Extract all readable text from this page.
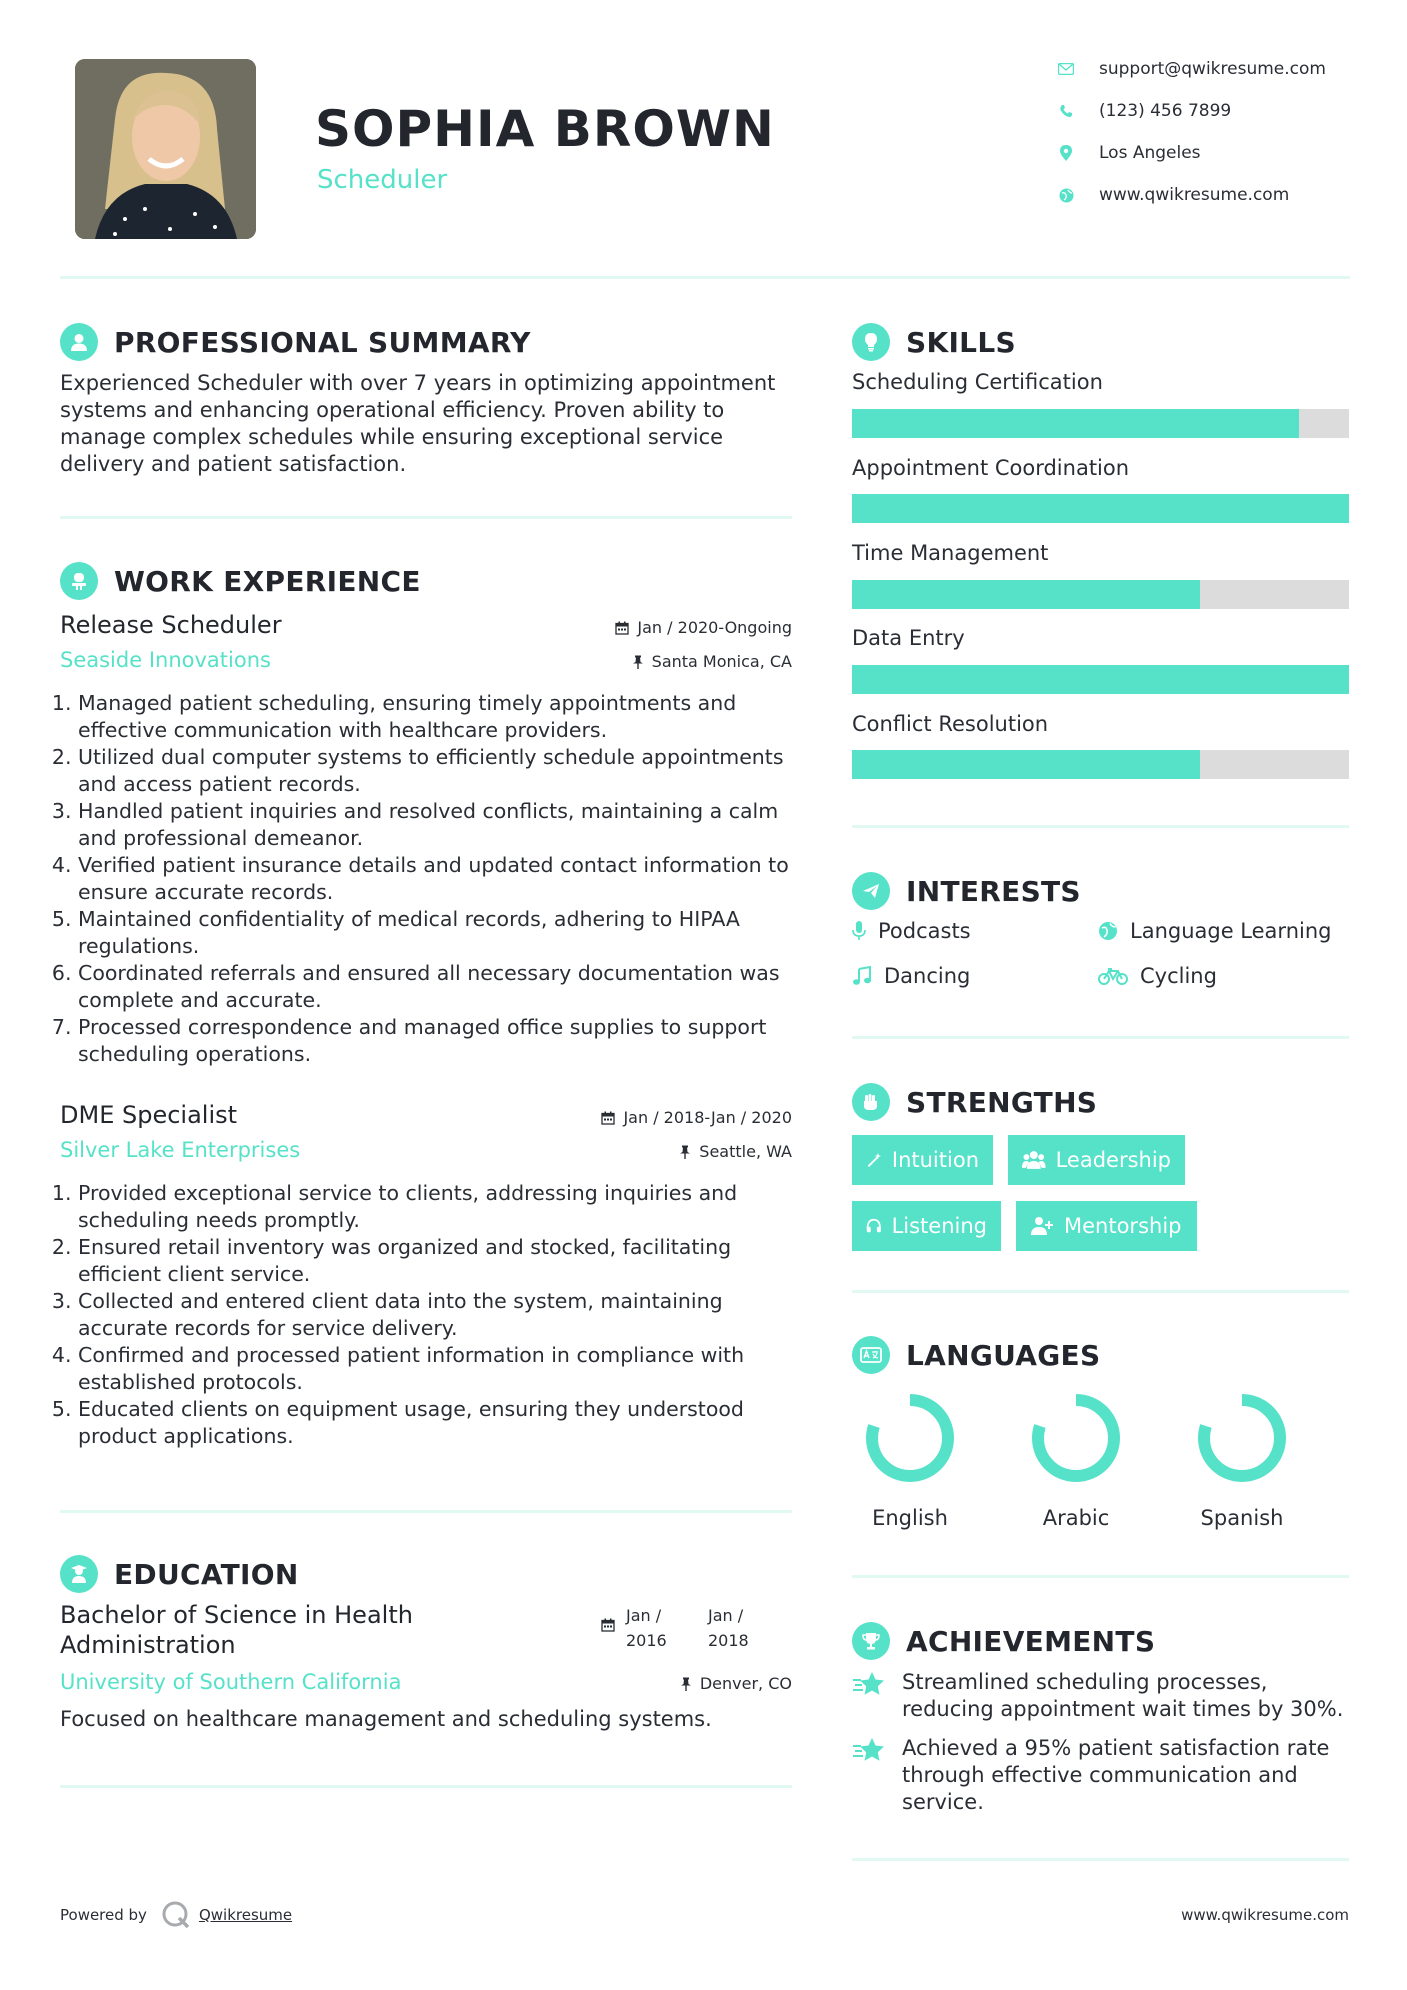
SOPHIA BROWN
Scheduler
support@qwikresume.com
(123) 456 7899
Los Angeles
www.qwikresume.com
PROFESSIONAL SUMMARY
Experienced Scheduler with over 7 years in optimizing appointment systems and enhancing operational efficiency. Proven ability to manage complex schedules while ensuring exceptional service delivery and patient satisfaction.
WORK EXPERIENCE
Release Scheduler	Jan / 2020-Ongoing
Seaside Innovations	Santa Monica, CA
1. Managed patient scheduling, ensuring timely appointments and effective communication with healthcare providers.
2. Utilized dual computer systems to efficiently schedule appointments and access patient records.
3. Handled patient inquiries and resolved conflicts, maintaining a calm and professional demeanor.
4. Verified patient insurance details and updated contact information to ensure accurate records.
5. Maintained confidentiality of medical records, adhering to HIPAA regulations.
6. Coordinated referrals and ensured all necessary documentation was complete and accurate.
7. Processed correspondence and managed office supplies to support scheduling operations.
DME Specialist	Jan / 2018-Jan / 2020
Silver Lake Enterprises	Seattle, WA
1. Provided exceptional service to clients, addressing inquiries and scheduling needs promptly.
2. Ensured retail inventory was organized and stocked, facilitating efficient client service.
3. Collected and entered client data into the system, maintaining accurate records for service delivery.
4. Confirmed and processed patient information in compliance with established protocols.
5. Educated clients on equipment usage, ensuring they understood product applications.
EDUCATION
Bachelor of Science in Health Administration
Jan / 2016
Jan / 2018
University of Southern California	Denver, CO
Focused on healthcare management and scheduling systems.
SKILLS
Scheduling Certification
Appointment Coordination
Time Management
Data Entry
Conflict Resolution
INTERESTS
Podcasts	Language Learning
Dancing	Cycling
STRENGTHS
Intuition	Leadership
Listening	Mentorship
LANGUAGES
English	Arabic	Spanish
ACHIEVEMENTS
Streamlined scheduling processes, reducing appointment wait times by 30%.
Achieved a 95% patient satisfaction rate through effective communication and service.
Powered by	Qwikresume	www.qwikresume.com
